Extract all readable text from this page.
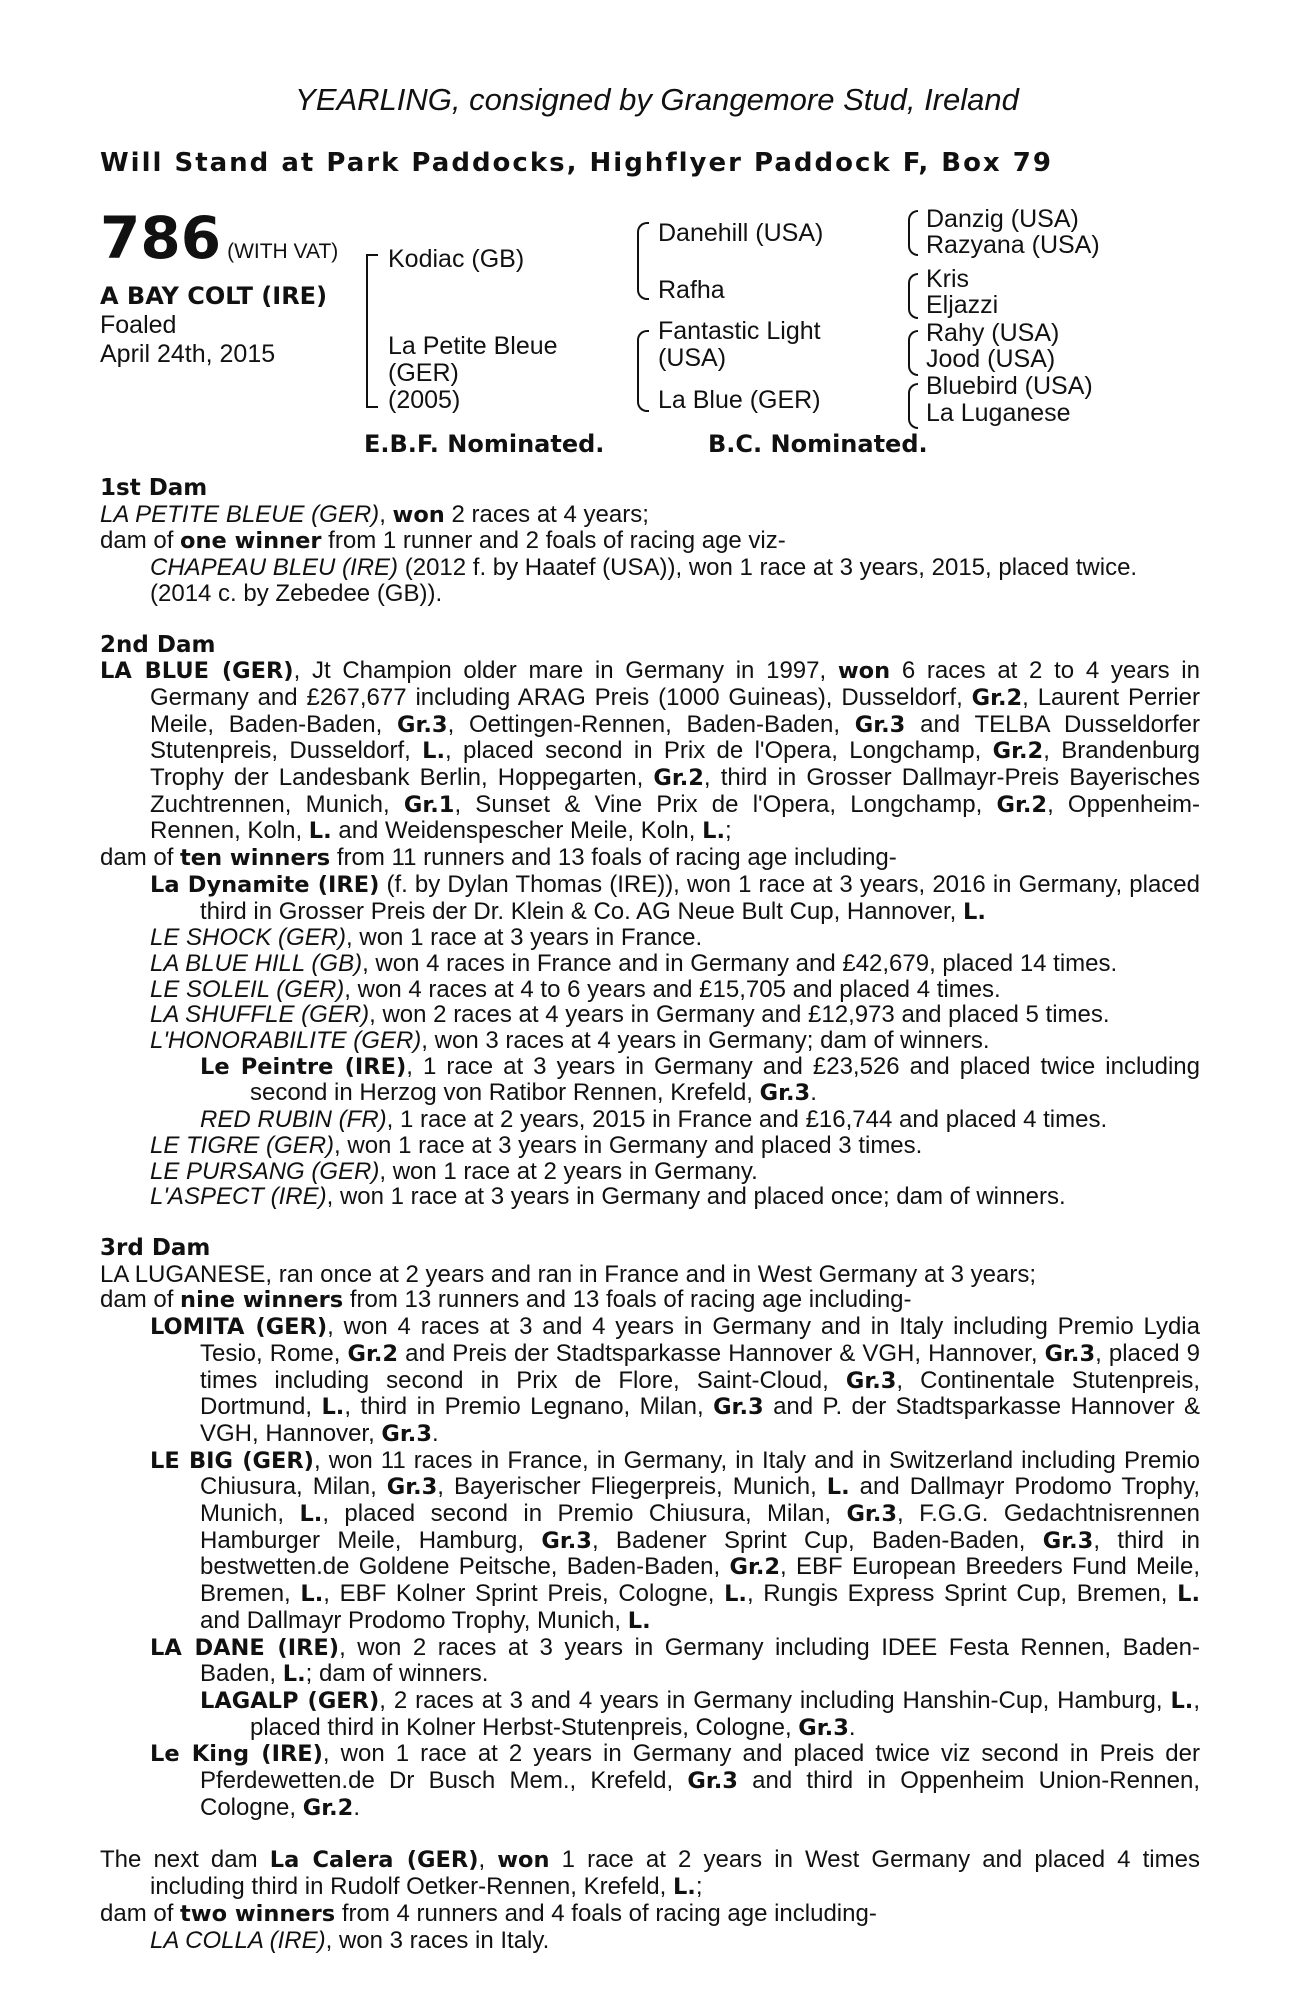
YEARLING, consigned by Grangemore Stud, Ireland
Will Stand at Park Paddocks, Highflyer Paddock F, Box 79
786 (WITH VAT)
A BAY COLT (IRE)
Foaled
April 24th, 2015
Kodiac (GB)
La Petite Bleue
(GER)
(2005)
Danehill (USA)
Rafha
Fantastic Light
(USA)
La Blue (GER)
Danzig (USA)
Razyana (USA)
Kris
Eljazzi
Rahy (USA)
Jood (USA)
Bluebird (USA)
La Luganese
E.B.F. Nominated.	B.C. Nominated.

1st Dam

LA PETITE BLEUE (GER), won 2 races at 4 years;

dam of one winner from 1 runner and 2 foals of racing age viz-

CHAPEAU BLEU (IRE) (2012 f. by Haatef (USA)), won 1 race at 3 years, 2015, placed twice.

(2014 c. by Zebedee (GB)).

2nd Dam

LA BLUE (GER), Jt Champion older mare in Germany in 1997, won 6 races at 2 to 4 years in Germany and £267,677 including ARAG Preis (1000 Guineas), Dusseldorf, Gr.2, Laurent Perrier Meile, Baden-Baden, Gr.3, Oettingen-Rennen, Baden-Baden, Gr.3 and TELBA Dusseldorfer Stutenpreis, Dusseldorf, L., placed second in Prix de l'Opera, Longchamp, Gr.2, Brandenburg Trophy der Landesbank Berlin, Hoppegarten, Gr.2, third in Grosser Dallmayr-Preis Bayerisches Zuchtrennen, Munich, Gr.1, Sunset & Vine Prix de l'Opera, Longchamp, Gr.2, Oppenheim-Rennen, Koln, L. and Weidenspescher Meile, Koln, L.;

dam of ten winners from 11 runners and 13 foals of racing age including-

La Dynamite (IRE) (f. by Dylan Thomas (IRE)), won 1 race at 3 years, 2016 in Germany, placed third in Grosser Preis der Dr. Klein & Co. AG Neue Bult Cup, Hannover, L.

LE SHOCK (GER), won 1 race at 3 years in France.

LA BLUE HILL (GB), won 4 races in France and in Germany and £42,679, placed 14 times.

LE SOLEIL (GER), won 4 races at 4 to 6 years and £15,705 and placed 4 times.

LA SHUFFLE (GER), won 2 races at 4 years in Germany and £12,973 and placed 5 times.

L'HONORABILITE (GER), won 3 races at 4 years in Germany; dam of winners.

Le Peintre (IRE), 1 race at 3 years in Germany and £23,526 and placed twice including second in Herzog von Ratibor Rennen, Krefeld, Gr.3.

RED RUBIN (FR), 1 race at 2 years, 2015 in France and £16,744 and placed 4 times.

LE TIGRE (GER), won 1 race at 3 years in Germany and placed 3 times.

LE PURSANG (GER), won 1 race at 2 years in Germany.

L'ASPECT (IRE), won 1 race at 3 years in Germany and placed once; dam of winners.

3rd Dam

LA LUGANESE, ran once at 2 years and ran in France and in West Germany at 3 years;

dam of nine winners from 13 runners and 13 foals of racing age including-

LOMITA (GER), won 4 races at 3 and 4 years in Germany and in Italy including Premio Lydia Tesio, Rome, Gr.2 and Preis der Stadtsparkasse Hannover & VGH, Hannover, Gr.3, placed 9 times including second in Prix de Flore, Saint-Cloud, Gr.3, Continentale Stutenpreis, Dortmund, L., third in Premio Legnano, Milan, Gr.3 and P. der Stadtsparkasse Hannover & VGH, Hannover, Gr.3.

LE BIG (GER), won 11 races in France, in Germany, in Italy and in Switzerland including Premio Chiusura, Milan, Gr.3, Bayerischer Fliegerpreis, Munich, L. and Dallmayr Prodomo Trophy, Munich, L., placed second in Premio Chiusura, Milan, Gr.3, F.G.G. Gedachtnisrennen Hamburger Meile, Hamburg, Gr.3, Badener Sprint Cup, Baden-Baden, Gr.3, third in bestwetten.de Goldene Peitsche, Baden-Baden, Gr.2, EBF European Breeders Fund Meile, Bremen, L., EBF Kolner Sprint Preis, Cologne, L., Rungis Express Sprint Cup, Bremen, L. and Dallmayr Prodomo Trophy, Munich, L.

LA DANE (IRE), won 2 races at 3 years in Germany including IDEE Festa Rennen, Baden-Baden, L.; dam of winners.

LAGALP (GER), 2 races at 3 and 4 years in Germany including Hanshin-Cup, Hamburg, L., placed third in Kolner Herbst-Stutenpreis, Cologne, Gr.3.

Le King (IRE), won 1 race at 2 years in Germany and placed twice viz second in Preis der Pferdewetten.de Dr Busch Mem., Krefeld, Gr.3 and third in Oppenheim Union-Rennen, Cologne, Gr.2.

The next dam La Calera (GER), won 1 race at 2 years in West Germany and placed 4 times including third in Rudolf Oetker-Rennen, Krefeld, L.;

dam of two winners from 4 runners and 4 foals of racing age including-

LA COLLA (IRE), won 3 races in Italy.
